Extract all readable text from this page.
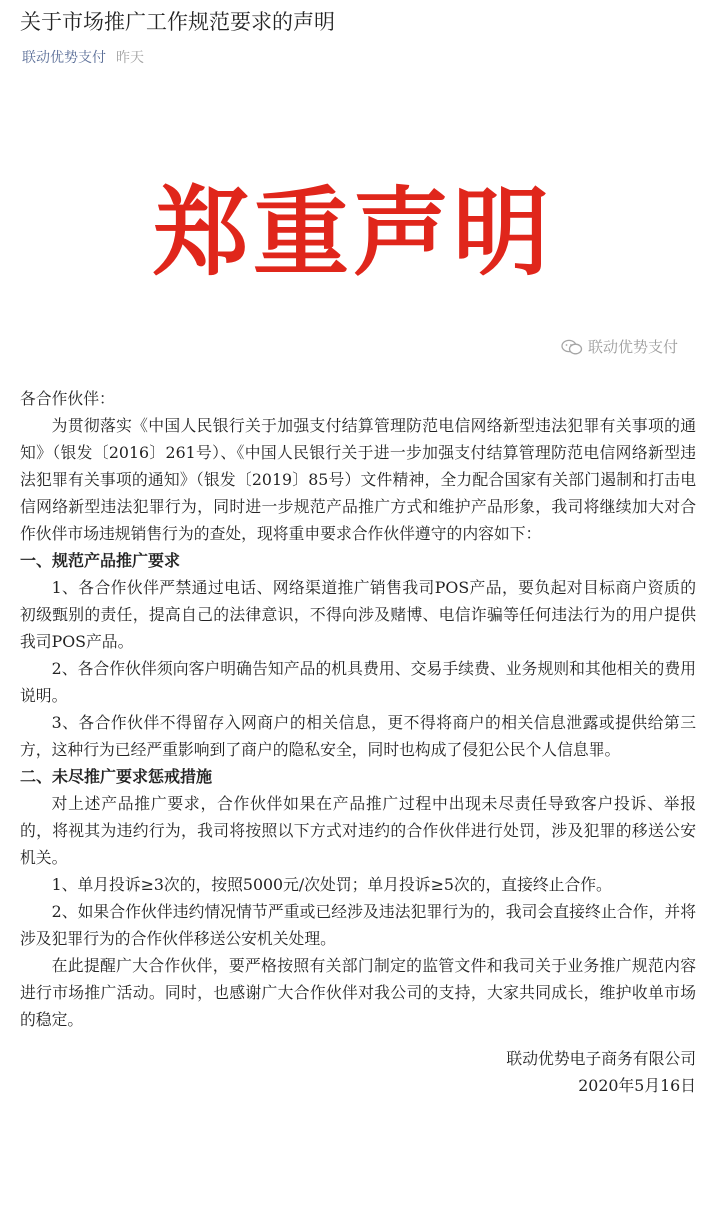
关于市场推广工作规范要求的声明
联动优势支付 昨天
郑重声明
联动优势支付

各合作伙伴：

为贯彻落实《中国人民银行关于加强支付结算管理防范电信网络新型违法犯罪有关事项的通知》（银发〔2016〕261号）、《中国人民银行关于进一步加强支付结算管理防范电信网络新型违法犯罪有关事项的通知》（银发〔2019〕85号）文件精神，全力配合国家有关部门遏制和打击电信网络新型违法犯罪行为，同时进一步规范产品推广方式和维护产品形象，我司将继续加大对合作伙伴市场违规销售行为的查处，现将重申要求合作伙伴遵守的内容如下：

一、规范产品推广要求

1、各合作伙伴严禁通过电话、网络渠道推广销售我司POS产品，要负起对目标商户资质的初级甄别的责任，提高自己的法律意识，不得向涉及赌博、电信诈骗等任何违法行为的用户提供我司POS产品。

2、各合作伙伴须向客户明确告知产品的机具费用、交易手续费、业务规则和其他相关的费用说明。

3、各合作伙伴不得留存入网商户的相关信息，更不得将商户的相关信息泄露或提供给第三方，这种行为已经严重影响到了商户的隐私安全，同时也构成了侵犯公民个人信息罪。

二、未尽推广要求惩戒措施

对上述产品推广要求，合作伙伴如果在产品推广过程中出现未尽责任导致客户投诉、举报的，将视其为违约行为，我司将按照以下方式对违约的合作伙伴进行处罚，涉及犯罪的移送公安机关。

1、单月投诉≥3次的，按照5000元/次处罚；单月投诉≥5次的，直接终止合作。

2、如果合作伙伴违约情况情节严重或已经涉及违法犯罪行为的，我司会直接终止合作，并将涉及犯罪行为的合作伙伴移送公安机关处理。

在此提醒广大合作伙伴，要严格按照有关部门制定的监管文件和我司关于业务推广规范内容进行市场推广活动。同时，也感谢广大合作伙伴对我公司的支持，大家共同成长，维护收单市场的稳定。

联动优势电子商务有限公司

2020年5月16日
